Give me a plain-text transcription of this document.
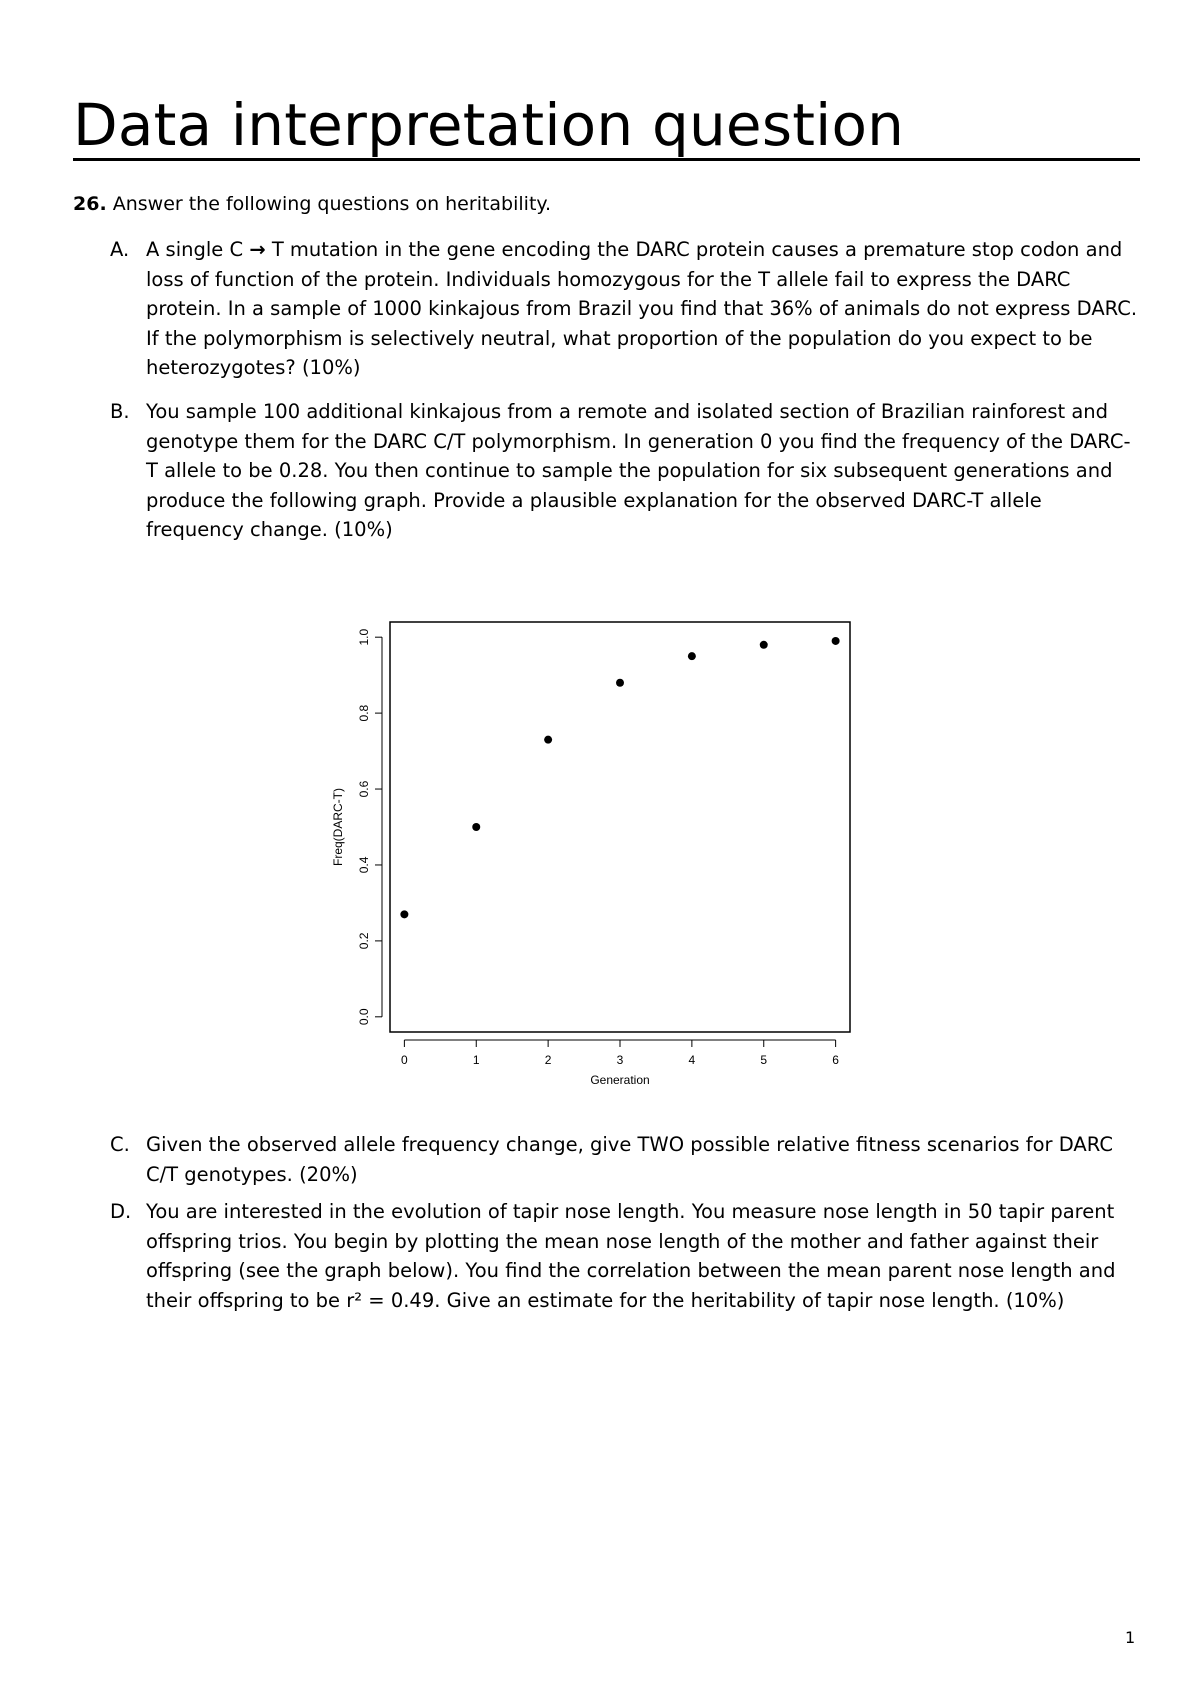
Data interpretation question
26. Answer the following questions on heritability.
A. A single C → T mutation in the gene encoding the DARC protein causes a premature stop codon and loss of function of the protein. Individuals homozygous for the T allele fail to express the DARC protein. In a sample of 1000 kinkajous from Brazil you find that 36% of animals do not express DARC. If the polymorphism is selectively neutral, what proportion of the population do you expect to be heterozygotes? (10%)
B. You sample 100 additional kinkajous from a remote and isolated section of Brazilian rainforest and genotype them for the DARC C/T polymorphism. In generation 0 you find the frequency of the DARC-T allele to be 0.28. You then continue to sample the population for six subsequent generations and produce the following graph. Provide a plausible explanation for the observed DARC-T allele frequency change. (10%)
0	1	2	3	4	5	6
0.0
0.2
0.4
0.6
0.8
1.0
Generation
Freq(DARC-T)
C. Given the observed allele frequency change, give TWO possible relative fitness scenarios for DARC C/T genotypes. (20%)
D. You are interested in the evolution of tapir nose length. You measure nose length in 50 tapir parent offspring trios. You begin by plotting the mean nose length of the mother and father against their offspring (see the graph below). You find the correlation between the mean parent nose length and their offspring to be r² = 0.49. Give an estimate for the heritability of tapir nose length. (10%)
1
